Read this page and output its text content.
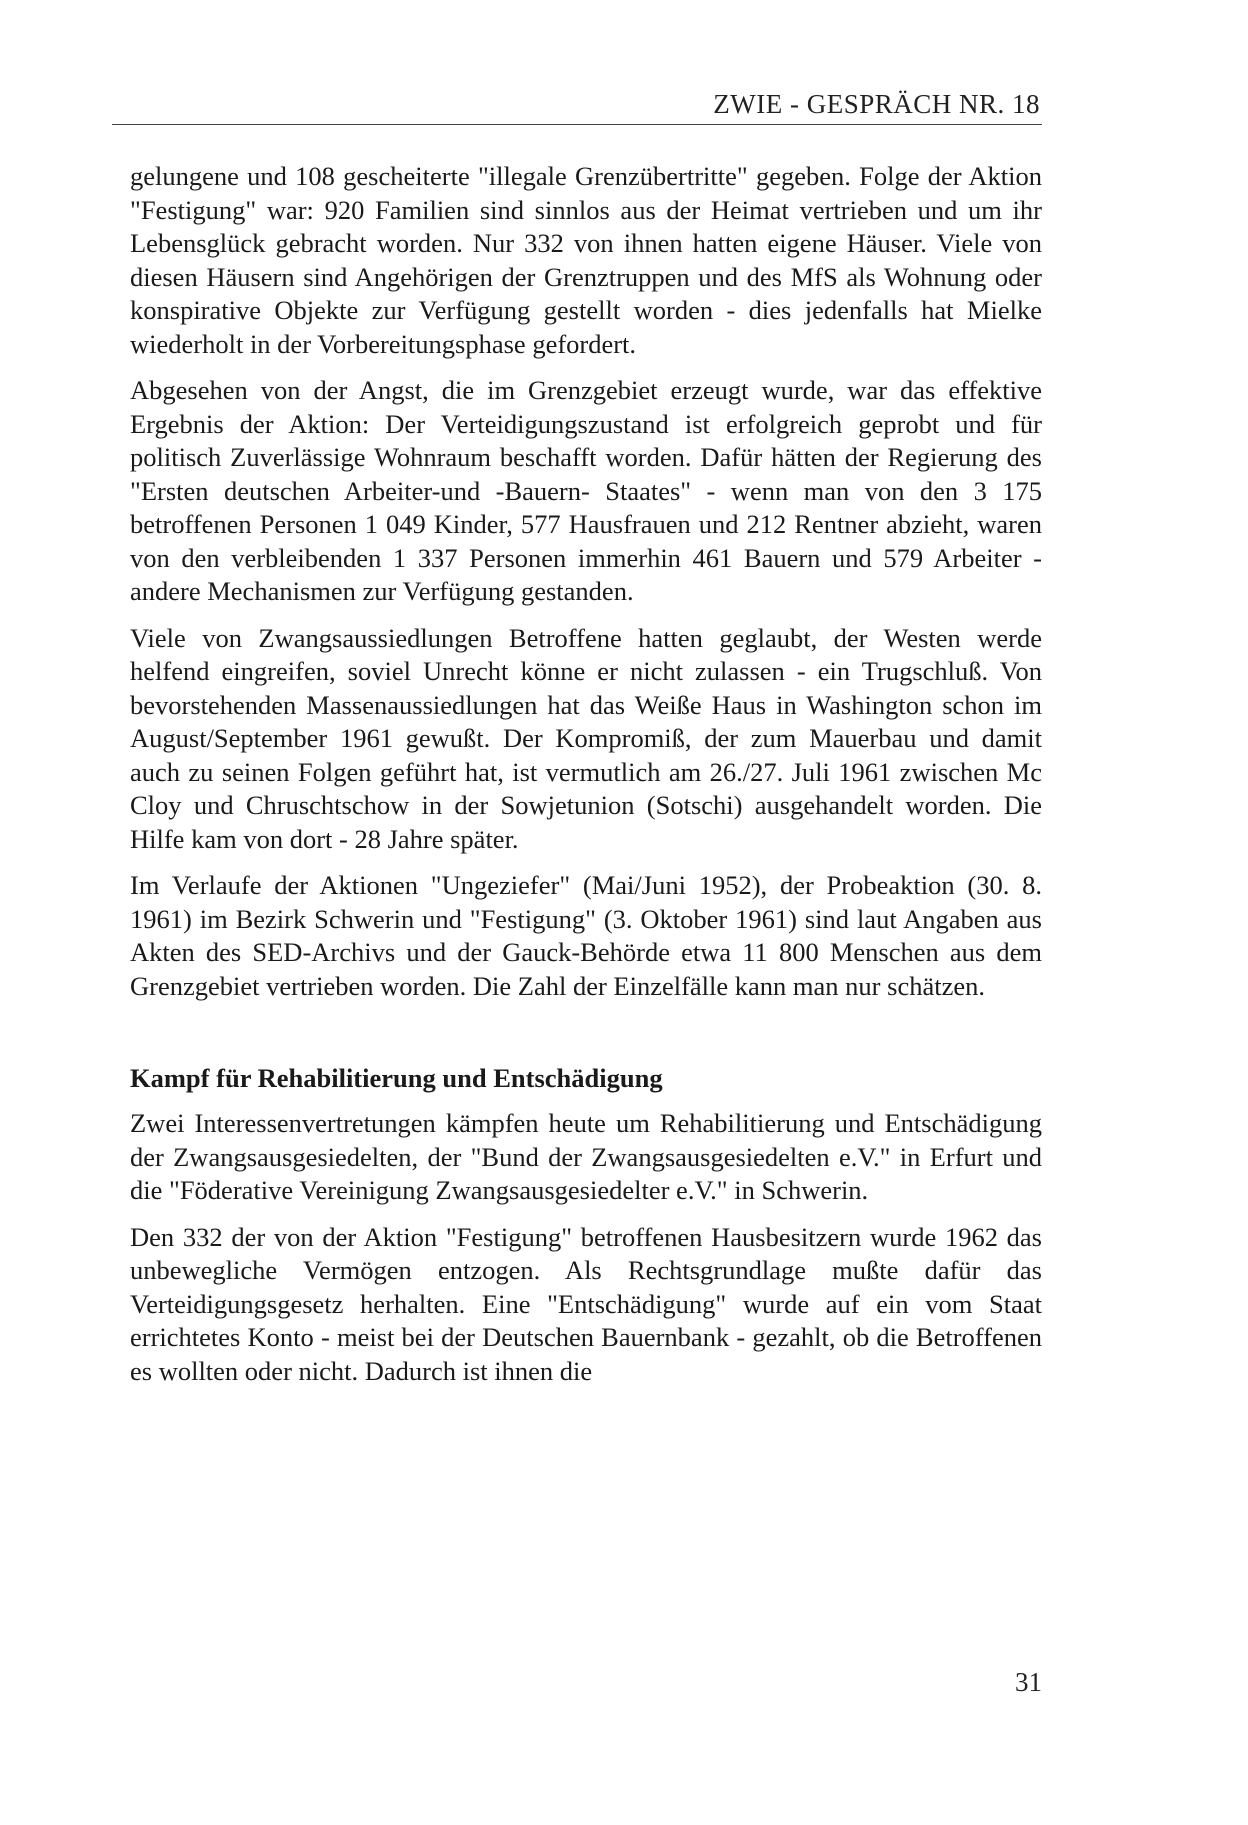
ZWIE - GESPRÄCH NR. 18

gelungene und 108 gescheiterte "illegale Grenzübertritte" gegeben. Folge der Aktion "Festigung" war: 920 Familien sind sinnlos aus der Heimat vertrieben und um ihr Lebensglück gebracht worden. Nur 332 von ihnen hatten eigene Häuser. Viele von diesen Häusern sind Angehörigen der Grenztruppen und des MfS als Wohnung oder konspirative Objekte zur Verfügung gestellt worden - dies jedenfalls hat Mielke wiederholt in der Vorbereitungsphase gefordert.

Abgesehen von der Angst, die im Grenzgebiet erzeugt wurde, war das effektive Ergebnis der Aktion: Der Verteidigungszustand ist erfolgreich geprobt und für politisch Zuverlässige Wohnraum beschafft worden. Dafür hätten der Regierung des "Ersten deutschen Arbeiter-und -Bauern- Staates" - wenn man von den 3 175 betroffenen Personen 1 049 Kinder, 577 Hausfrauen und 212 Rentner abzieht, waren von den verbleibenden 1 337 Personen immerhin 461 Bauern und 579 Arbeiter - andere Mechanismen zur Verfügung gestanden.

Viele von Zwangsaussiedlungen Betroffene hatten geglaubt, der Westen werde helfend eingreifen, soviel Unrecht könne er nicht zulassen - ein Trugschluß. Von bevorstehenden Massenaussiedlungen hat das Weiße Haus in Washington schon im August/September 1961 gewußt. Der Kompromiß, der zum Mauerbau und damit auch zu seinen Folgen geführt hat, ist vermutlich am 26./27. Juli 1961 zwischen Mc Cloy und Chruschtschow in der Sowjetunion (Sotschi) ausgehandelt worden. Die Hilfe kam von dort - 28 Jahre später.

Im Verlaufe der Aktionen "Ungeziefer" (Mai/Juni 1952), der Probeaktion (30. 8. 1961) im Bezirk Schwerin und "Festigung" (3. Oktober 1961) sind laut Angaben aus Akten des SED-Archivs und der Gauck-Behörde etwa 11 800 Menschen aus dem Grenzgebiet vertrieben worden. Die Zahl der Einzelfälle kann man nur schätzen.

Kampf für Rehabilitierung und Entschädigung

Zwei Interessenvertretungen kämpfen heute um Rehabilitierung und Entschädigung der Zwangsausgesiedelten, der "Bund der Zwangsausgesiedelten e.V." in Erfurt und die "Föderative Vereinigung Zwangsausgesiedelter e.V." in Schwerin.

Den 332 der von der Aktion "Festigung" betroffenen Hausbesitzern wurde 1962 das unbewegliche Vermögen entzogen. Als Rechtsgrundlage mußte dafür das Verteidigungsgesetz herhalten. Eine "Entschädigung" wurde auf ein vom Staat errichtetes Konto - meist bei der Deutschen Bauernbank - gezahlt, ob die Betroffenen es wollten oder nicht. Dadurch ist ihnen die

31
